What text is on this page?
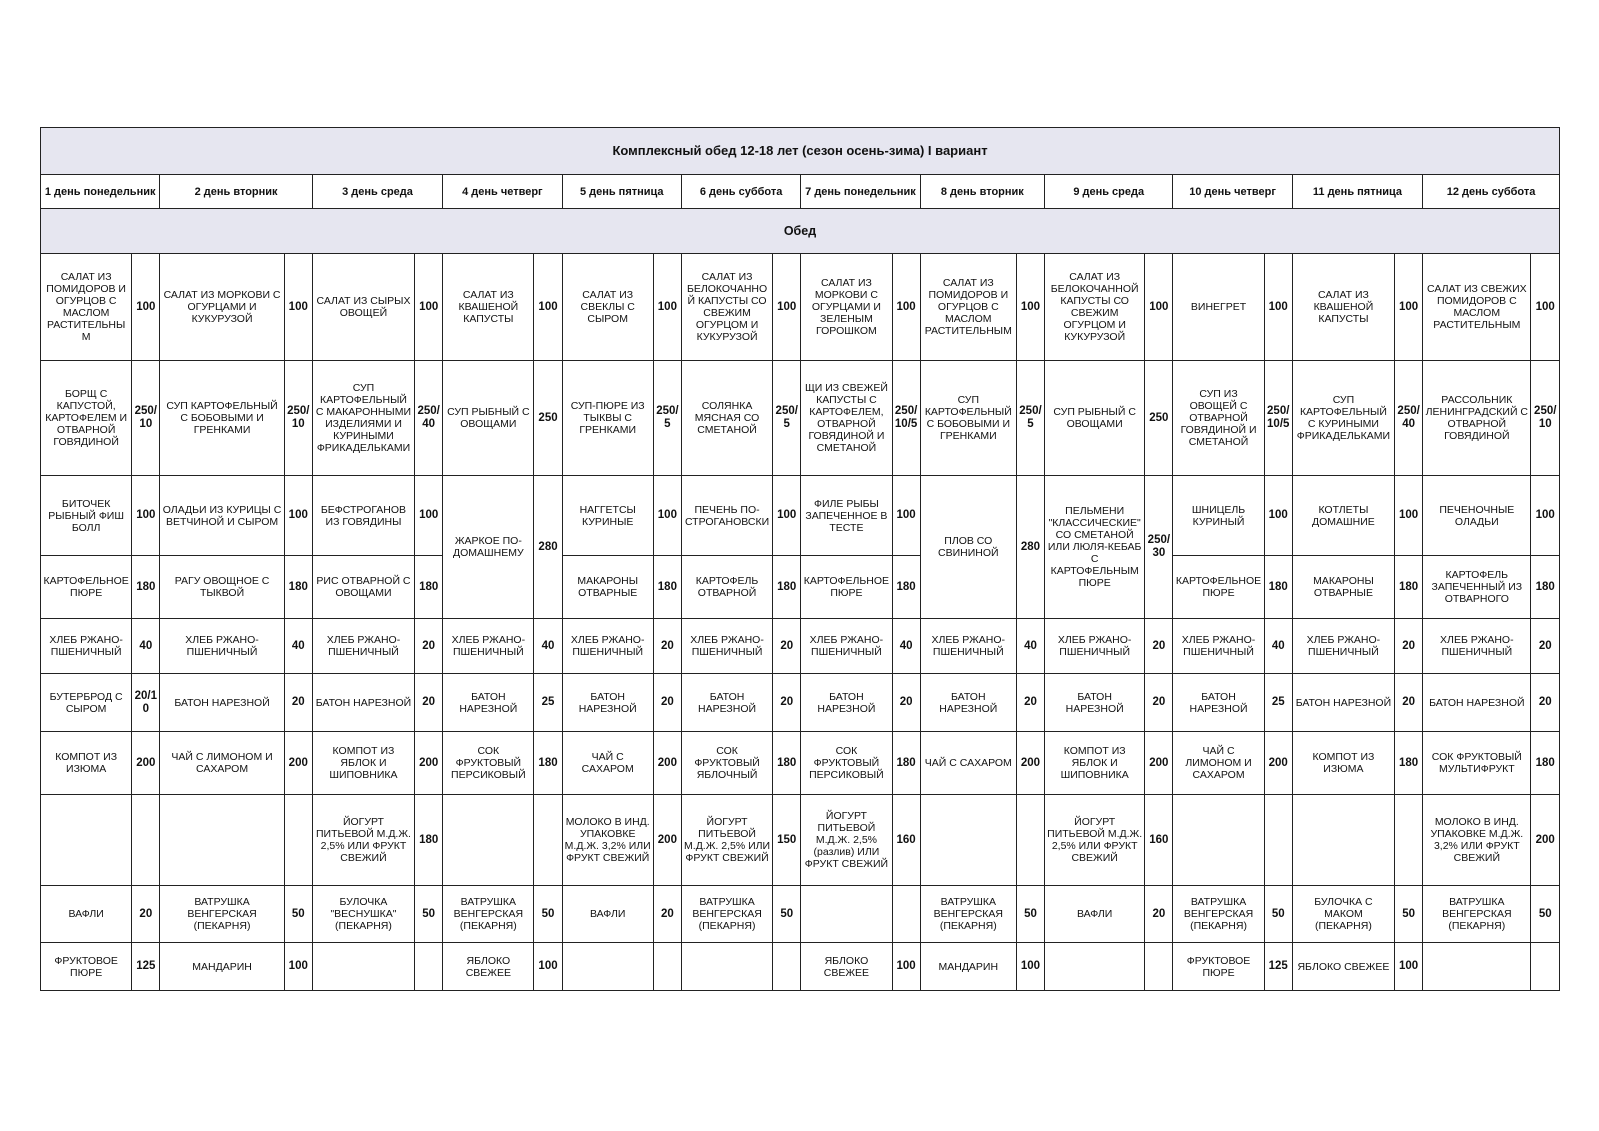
Комплексный обед 12-18 лет (сезон осень-зима) I вариант																							
1 день понедельник		2 день вторник		3 день среда		4 день четверг		5 день пятница		6 день суббота		7 день понедельник		8 день вторник		9 день среда		10 день четверг		11 день пятница		12 день суббота	
Обед																							
САЛАТ ИЗ ПОМИДОРОВ И ОГУРЦОВ С МАСЛОМ РАСТИТЕЛЬНЫМ	100	САЛАТ ИЗ МОРКОВИ С ОГУРЦАМИ И КУКУРУЗОЙ	100	САЛАТ ИЗ СЫРЫХ ОВОЩЕЙ	100	САЛАТ ИЗ КВАШЕНОЙ КАПУСТЫ	100	САЛАТ ИЗ СВЕКЛЫ С СЫРОМ	100	САЛАТ ИЗ БЕЛОКОЧАННОЙ КАПУСТЫ СО СВЕЖИМ ОГУРЦОМ И КУКУРУЗОЙ	100	САЛАТ ИЗ МОРКОВИ С ОГУРЦАМИ И ЗЕЛЕНЫМ ГОРОШКОМ	100	САЛАТ ИЗ ПОМИДОРОВ И ОГУРЦОВ С МАСЛОМ РАСТИТЕЛЬНЫМ	100	САЛАТ ИЗ БЕЛОКОЧАННОЙ КАПУСТЫ СО СВЕЖИМ ОГУРЦОМ И КУКУРУЗОЙ	100	ВИНЕГРЕТ	100	САЛАТ ИЗ КВАШЕНОЙ КАПУСТЫ	100	САЛАТ ИЗ СВЕЖИХ ПОМИДОРОВ С МАСЛОМ РАСТИТЕЛЬНЫМ	100
БОРЩ С КАПУСТОЙ, КАРТОФЕЛЕМ И ОТВАРНОЙ ГОВЯДИНОЙ	250/ 10	СУП КАРТОФЕЛЬНЫЙ С БОБОВЫМИ И ГРЕНКАМИ	250/ 10	СУП КАРТОФЕЛЬНЫЙ С МАКАРОННЫМИ ИЗДЕЛИЯМИ И КУРИНЫМИ ФРИКАДЕЛЬКАМИ	250/ 40	СУП РЫБНЫЙ С ОВОЩАМИ	250	СУП-ПЮРЕ ИЗ ТЫКВЫ С ГРЕНКАМИ	250/ 5	СОЛЯНКА МЯСНАЯ СО СМЕТАНОЙ	250/ 5	ЩИ ИЗ СВЕЖЕЙ КАПУСТЫ С КАРТОФЕЛЕМ, ОТВАРНОЙ ГОВЯДИНОЙ И СМЕТАНОЙ	250/ 10/5	СУП КАРТОФЕЛЬНЫЙ С БОБОВЫМИ И ГРЕНКАМИ	250/ 5	СУП РЫБНЫЙ С ОВОЩАМИ	250	СУП ИЗ ОВОЩЕЙ С ОТВАРНОЙ ГОВЯДИНОЙ И СМЕТАНОЙ	250/ 10/5	СУП КАРТОФЕЛЬНЫЙ С КУРИНЫМИ ФРИКАДЕЛЬКАМИ	250/ 40	РАССОЛЬНИК ЛЕНИНГРАДСКИЙ С ОТВАРНОЙ ГОВЯДИНОЙ	250/ 10
БИТОЧЕК РЫБНЫЙ ФИШ БОЛЛ	100	ОЛАДЬИ ИЗ КУРИЦЫ С ВЕТЧИНОЙ И СЫРОМ	100	БЕФСТРОГАНОВ ИЗ ГОВЯДИНЫ	100	ЖАРКОЕ ПО-ДОМАШНЕМУ	280	НАГГЕТСЫ КУРИНЫЕ	100	ПЕЧЕНЬ ПО-СТРОГАНОВСКИ	100	ФИЛЕ РЫБЫ ЗАПЕЧЕННОЕ В ТЕСТЕ	100	ПЛОВ СО СВИНИНОЙ	280	ПЕЛЬМЕНИ "КЛАССИЧЕСКИЕ" СО СМЕТАНОЙ ИЛИ ЛЮЛЯ-КЕБАБ С КАРТОФЕЛЬНЫМ ПЮРЕ	250/ 30	ШНИЦЕЛЬ КУРИНЫЙ	100	КОТЛЕТЫ ДОМАШНИЕ	100	ПЕЧЕНОЧНЫЕ ОЛАДЬИ	100
КАРТОФЕЛЬНОЕ ПЮРЕ	180	РАГУ ОВОЩНОЕ С ТЫКВОЙ	180	РИС ОТВАРНОЙ С ОВОЩАМИ	180			МАКАРОНЫ ОТВАРНЫЕ	180	КАРТОФЕЛЬ ОТВАРНОЙ	180	КАРТОФЕЛЬНОЕ ПЮРЕ	180					КАРТОФЕЛЬНОЕ ПЮРЕ	180	МАКАРОНЫ ОТВАРНЫЕ	180	КАРТОФЕЛЬ ЗАПЕЧЕННЫЙ ИЗ ОТВАРНОГО	180
ХЛЕБ РЖАНО-ПШЕНИЧНЫЙ	40	ХЛЕБ РЖАНО-ПШЕНИЧНЫЙ	40	ХЛЕБ РЖАНО-ПШЕНИЧНЫЙ	20	ХЛЕБ РЖАНО-ПШЕНИЧНЫЙ	40	ХЛЕБ РЖАНО-ПШЕНИЧНЫЙ	20	ХЛЕБ РЖАНО-ПШЕНИЧНЫЙ	20	ХЛЕБ РЖАНО-ПШЕНИЧНЫЙ	40	ХЛЕБ РЖАНО-ПШЕНИЧНЫЙ	40	ХЛЕБ РЖАНО-ПШЕНИЧНЫЙ	20	ХЛЕБ РЖАНО-ПШЕНИЧНЫЙ	40	ХЛЕБ РЖАНО-ПШЕНИЧНЫЙ	20	ХЛЕБ РЖАНО-ПШЕНИЧНЫЙ	20
БУТЕРБРОД С СЫРОМ	20/1 0	БАТОН НАРЕЗНОЙ	20	БАТОН НАРЕЗНОЙ	20	БАТОН НАРЕЗНОЙ	25	БАТОН НАРЕЗНОЙ	20	БАТОН НАРЕЗНОЙ	20	БАТОН НАРЕЗНОЙ	20	БАТОН НАРЕЗНОЙ	20	БАТОН НАРЕЗНОЙ	20	БАТОН НАРЕЗНОЙ	25	БАТОН НАРЕЗНОЙ	20	БАТОН НАРЕЗНОЙ	20
КОМПОТ ИЗ ИЗЮМА	200	ЧАЙ С ЛИМОНОМ И САХАРОМ	200	КОМПОТ ИЗ ЯБЛОК И ШИПОВНИКА	200	СОК ФРУКТОВЫЙ ПЕРСИКОВЫЙ	180	ЧАЙ С САХАРОМ	200	СОК ФРУКТОВЫЙ ЯБЛОЧНЫЙ	180	СОК ФРУКТОВЫЙ ПЕРСИКОВЫЙ	180	ЧАЙ С САХАРОМ	200	КОМПОТ ИЗ ЯБЛОК И ШИПОВНИКА	200	ЧАЙ С ЛИМОНОМ И САХАРОМ	200	КОМПОТ ИЗ ИЗЮМА	180	СОК ФРУКТОВЫЙ МУЛЬТИФРУКТ	180
				ЙОГУРТ ПИТЬЕВОЙ М.Д.Ж. 2,5% ИЛИ ФРУКТ СВЕЖИЙ	180			МОЛОКО В ИНД. УПАКОВКЕ М.Д.Ж. 3,2% ИЛИ ФРУКТ СВЕЖИЙ	200	ЙОГУРТ ПИТЬЕВОЙ М.Д.Ж. 2,5% ИЛИ ФРУКТ СВЕЖИЙ	150	ЙОГУРТ ПИТЬЕВОЙ М.Д.Ж. 2,5% (разлив) ИЛИ ФРУКТ СВЕЖИЙ	160			ЙОГУРТ ПИТЬЕВОЙ М.Д.Ж. 2,5% ИЛИ ФРУКТ СВЕЖИЙ	160					МОЛОКО В ИНД. УПАКОВКЕ М.Д.Ж. 3,2% ИЛИ ФРУКТ СВЕЖИЙ	200
ВАФЛИ	20	ВАТРУШКА ВЕНГЕРСКАЯ (ПЕКАРНЯ)	50	БУЛОЧКА "ВЕСНУШКА" (ПЕКАРНЯ)	50	ВАТРУШКА ВЕНГЕРСКАЯ (ПЕКАРНЯ)	50	ВАФЛИ	20	ВАТРУШКА ВЕНГЕРСКАЯ (ПЕКАРНЯ)	50			ВАТРУШКА ВЕНГЕРСКАЯ (ПЕКАРНЯ)	50	ВАФЛИ	20	ВАТРУШКА ВЕНГЕРСКАЯ (ПЕКАРНЯ)	50	БУЛОЧКА С МАКОМ (ПЕКАРНЯ)	50	ВАТРУШКА ВЕНГЕРСКАЯ (ПЕКАРНЯ)	50
ФРУКТОВОЕ ПЮРЕ	125	МАНДАРИН	100			ЯБЛОКО СВЕЖЕЕ	100					ЯБЛОКО СВЕЖЕЕ	100	МАНДАРИН	100			ФРУКТОВОЕ ПЮРЕ	125	ЯБЛОКО СВЕЖЕЕ	100		
